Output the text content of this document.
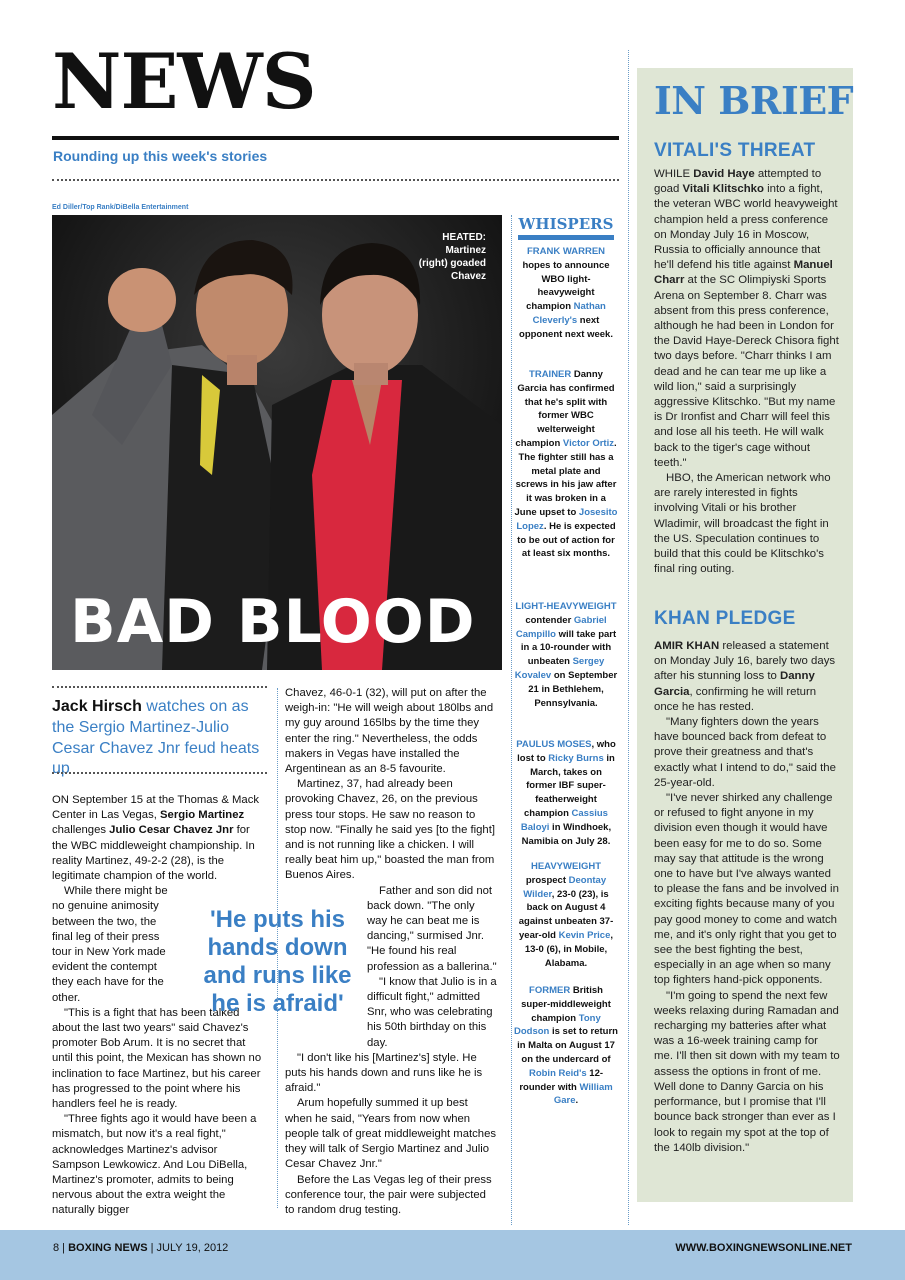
NEWS
Rounding up this week's stories
Ed Diller/Top Rank/DiBella Entertainment
HEATED:
Martinez (right) goaded Chavez
BAD BLOOD
Jack Hirsch watches on as the Sergio Martinez-Julio Cesar Chavez Jnr feud heats up

ON September 15 at the Thomas & Mack Center in Las Vegas, Sergio Martinez challenges Julio Cesar Chavez Jnr for the WBC middleweight championship. In reality Martinez, 49-2-2 (28), is the legitimate champion of the world.

While there might be no genuine animosity between the two, the final leg of their press tour in New York made evident the contempt they each have for the other.

"This is a fight that has been talked about the last two years" said Chavez's promoter Bob Arum. It is no secret that until this point, the Mexican has shown no inclination to face Martinez, but his career has progressed to the point where his handlers feel he is ready.

"Three fights ago it would have been a mismatch, but now it's a real fight," acknowledges Martinez's advisor Sampson Lewkowicz. And Lou DiBella, Martinez's promoter, admits to being nervous about the extra weight the naturally bigger

'He puts his hands down and runs like he is afraid'

Chavez, 46-0-1 (32), will put on after the weigh-in: "He will weigh about 180lbs and my guy around 165lbs by the time they enter the ring." Nevertheless, the odds makers in Vegas have installed the Argentinean as an 8-5 favourite.

Martinez, 37, had already been provoking Chavez, 26, on the previous press tour stops. He saw no reason to stop now. "Finally he said yes [to the fight] and is not running like a chicken. I will really beat him up," boasted the man from Buenos Aires.

Father and son did not back down. "The only way he can beat me is dancing," surmised Jnr. "He found his real profession as a ballerina."

"I know that Julio is in a difficult fight," admitted Snr, who was celebrating his 50th birthday on this day.

"I don't like his [Martinez's] style. He puts his hands down and runs like he is afraid."

Arum hopefully summed it up best when he said, "Years from now when people talk of great middleweight matches they will talk of Sergio Martinez and Julio Cesar Chavez Jnr."

Before the Las Vegas leg of their press conference tour, the pair were subjected to random drug testing.

WHISPERS
FRANK WARREN
hopes to announce WBO light-heavyweight champion Nathan Cleverly's next opponent next week.
TRAINER Danny Garcia has confirmed that he's split with former WBC welterweight champion Victor Ortiz. The fighter still has a metal plate and screws in his jaw after it was broken in a June upset to Josesito Lopez. He is expected to be out of action for at least six months.
LIGHT-HEAVYWEIGHT
contender Gabriel Campillo will take part in a 10-rounder with unbeaten Sergey Kovalev on September 21 in Bethlehem, Pennsylvania.
PAULUS MOSES, who lost to Ricky Burns in March, takes on former IBF super-featherweight champion Cassius Baloyi in Windhoek, Namibia on July 28.
HEAVYWEIGHT
prospect Deontay Wilder, 23-0 (23), is back on August 4 against unbeaten 37-year-old Kevin Price, 13-0 (6), in Mobile, Alabama.
FORMER British super-middleweight champion Tony Dodson is set to return in Malta on August 17 on the undercard of Robin Reid's 12-rounder with William Gare.
IN BRIEF
VITALI'S THREAT

WHILE David Haye attempted to goad Vitali Klitschko into a fight, the veteran WBC world heavyweight champion held a press conference on Monday July 16 in Moscow, Russia to officially announce that he'll defend his title against Manuel Charr at the SC Olimpiyski Sports Arena on September 8. Charr was absent from this press conference, although he had been in London for the David Haye-Dereck Chisora fight two days before. "Charr thinks I am dead and he can tear me up like a wild lion," said a surprisingly aggressive Klitschko. "But my name is Dr Ironfist and Charr will feel this and lose all his teeth. He will walk back to the tiger's cage without teeth."

HBO, the American network who are rarely interested in fights involving Vitali or his brother Wladimir, will broadcast the fight in the US. Speculation continues to build that this could be Klitschko's final ring outing.

KHAN PLEDGE

AMIR KHAN released a statement on Monday July 16, barely two days after his stunning loss to Danny Garcia, confirming he will return once he has rested.

"Many fighters down the years have bounced back from defeat to prove their greatness and that's exactly what I intend to do," said the 25-year-old.

"I've never shirked any challenge or refused to fight anyone in my division even though it would have been easy for me to do so. Some may say that attitude is the wrong one to have but I've always wanted to please the fans and be involved in exciting fights because many of you pay good money to come and watch me, and it's only right that you get to see the best fighting the best, especially in an age when so many top fighters hand-pick opponents.

"I'm going to spend the next few weeks relaxing during Ramadan and recharging my batteries after what was a 16-week training camp for me. I'll then sit down with my team to assess the options in front of me. Well done to Danny Garcia on his performance, but I promise that I'll bounce back stronger than ever as I look to regain my spot at the top of the 140lb division."

8 | BOXING NEWS | JULY 19, 2012	WWW.BOXINGNEWSONLINE.NET
